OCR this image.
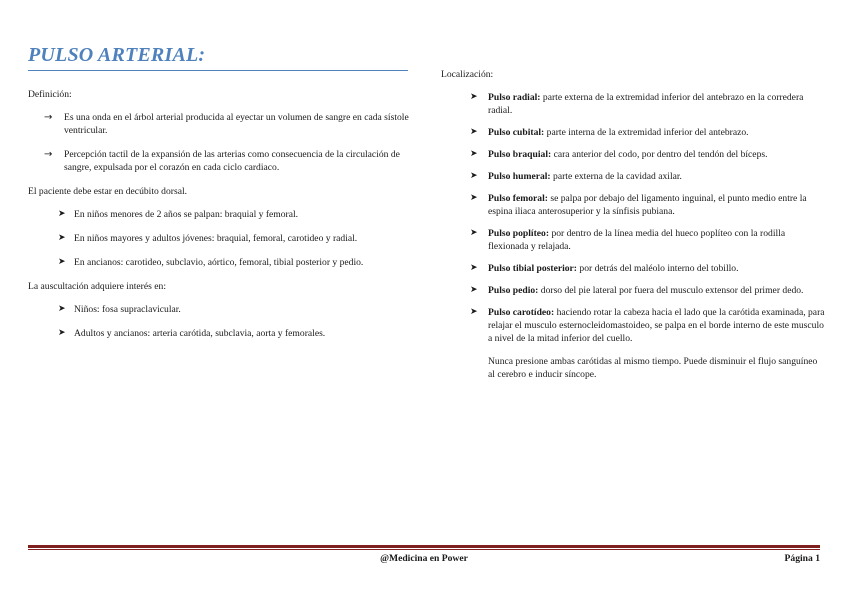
PULSO ARTERIAL:

Definición:

→ Es una onda en el árbol arterial producida al eyectar un volumen de sangre en cada sístole ventricular.
→ Percepción tactil de la expansión de las arterias como consecuencia de la circulación de sangre, expulsada por el corazón en cada ciclo cardiaco.

El paciente debe estar en decúbito dorsal.

➤ En niños menores de 2 años se palpan: braquial y femoral.
➤ En niños mayores y adultos jóvenes: braquial, femoral, carotideo y radial.
➤ En ancianos: carotideo, subclavio, aórtico, femoral, tibial posterior y pedio.

La auscultación adquiere interés en:

➤ Niños: fosa supraclavicular.
➤ Adultos y ancianos: arteria carótida, subclavia, aorta y femorales.

Localización:

➤ Pulso radial: parte externa de la extremidad inferior del antebrazo en la corredera radial.
➤ Pulso cubital: parte interna de la extremidad inferior del antebrazo.
➤ Pulso braquial: cara anterior del codo, por dentro del tendón del bíceps.
➤ Pulso humeral: parte externa de la cavidad axilar.
➤ Pulso femoral: se palpa por debajo del ligamento inguinal, el punto medio entre la espina iliaca anterosuperior y la sínfisis pubiana.
➤ Pulso poplíteo: por dentro de la línea media del hueco poplíteo con la rodilla flexionada y relajada.
➤ Pulso tibial posterior: por detrás del maléolo interno del tobillo.
➤ Pulso pedio: dorso del pie lateral por fuera del musculo extensor del primer dedo.
➤ Pulso carotídeo: haciendo rotar la cabeza hacia el lado que la carótida examinada, para relajar el musculo esternocleidomastoideo, se palpa en el borde interno de este musculo a nivel de la mitad inferior del cuello.

Nunca presione ambas carótidas al mismo tiempo. Puede disminuir el flujo sanguíneo al cerebro e inducir síncope.

@Medicina en Power	Página 1
